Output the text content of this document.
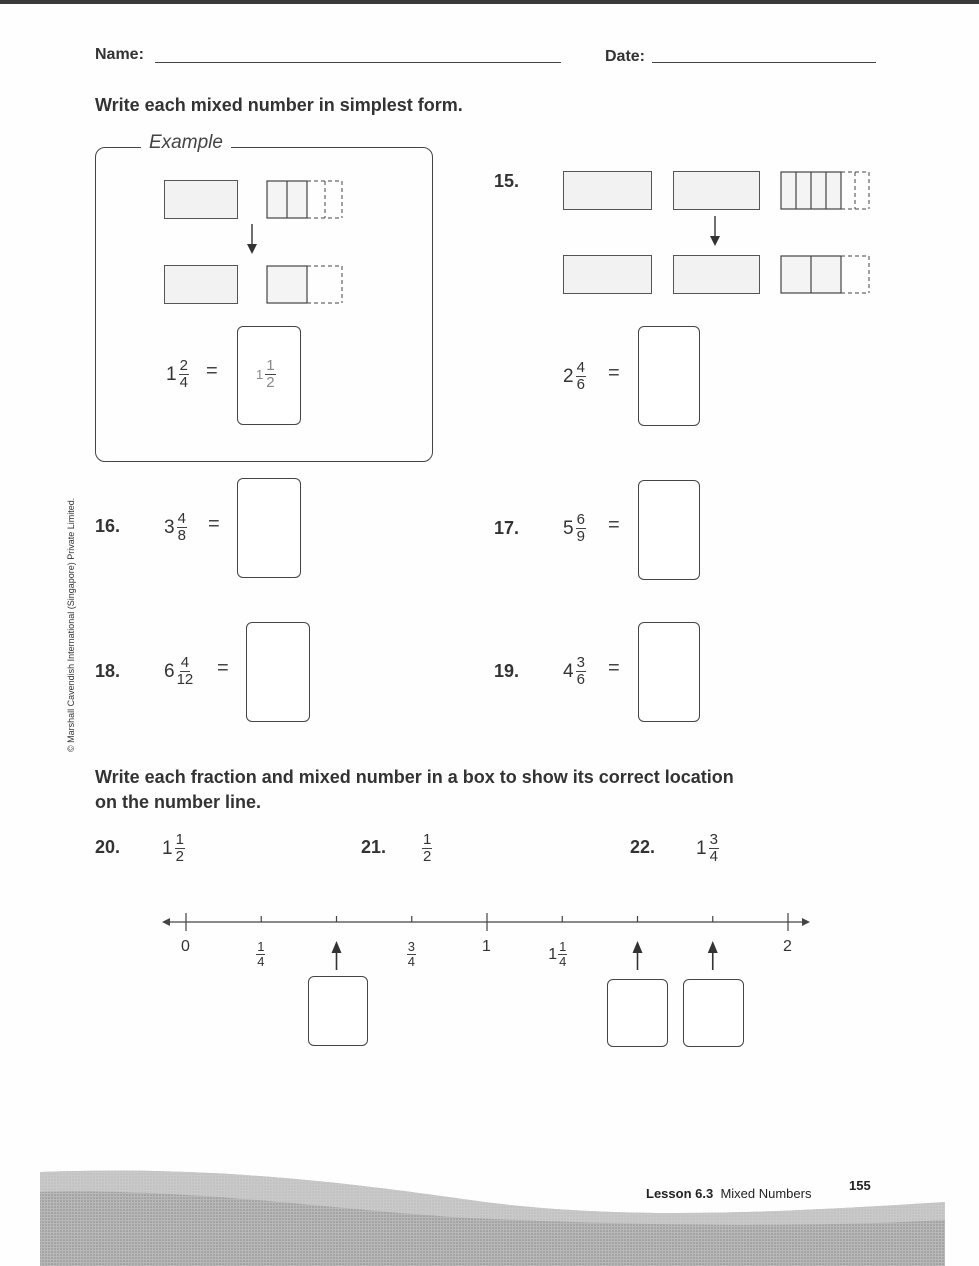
Name:	Date:
Write each mixed number in simplest form.
Example
$1 \frac{2}{4}$ =	$1 \frac{1}{2}$
15.
$2 \frac{4}{6}$ =
16. $3 \frac{4}{8}$ =	17. $5 \frac{6}{9}$ =
18. $6 \frac{4}{12}$ =	19. $4 \frac{3}{6}$ =
© Marshall Cavendish International (Singapore) Private Limited.
Write each fraction and mixed number in a box to show its correct location
on the number line.
20. $1 \frac{1}{2}$	21. $\frac{1}{2}$	22. $1 \frac{3}{4}$
0	$\frac{1}{4}$	$\frac{3}{4}$	1	$1 \frac{1}{4}$	2
Lesson 6.3 Mixed Numbers
155
